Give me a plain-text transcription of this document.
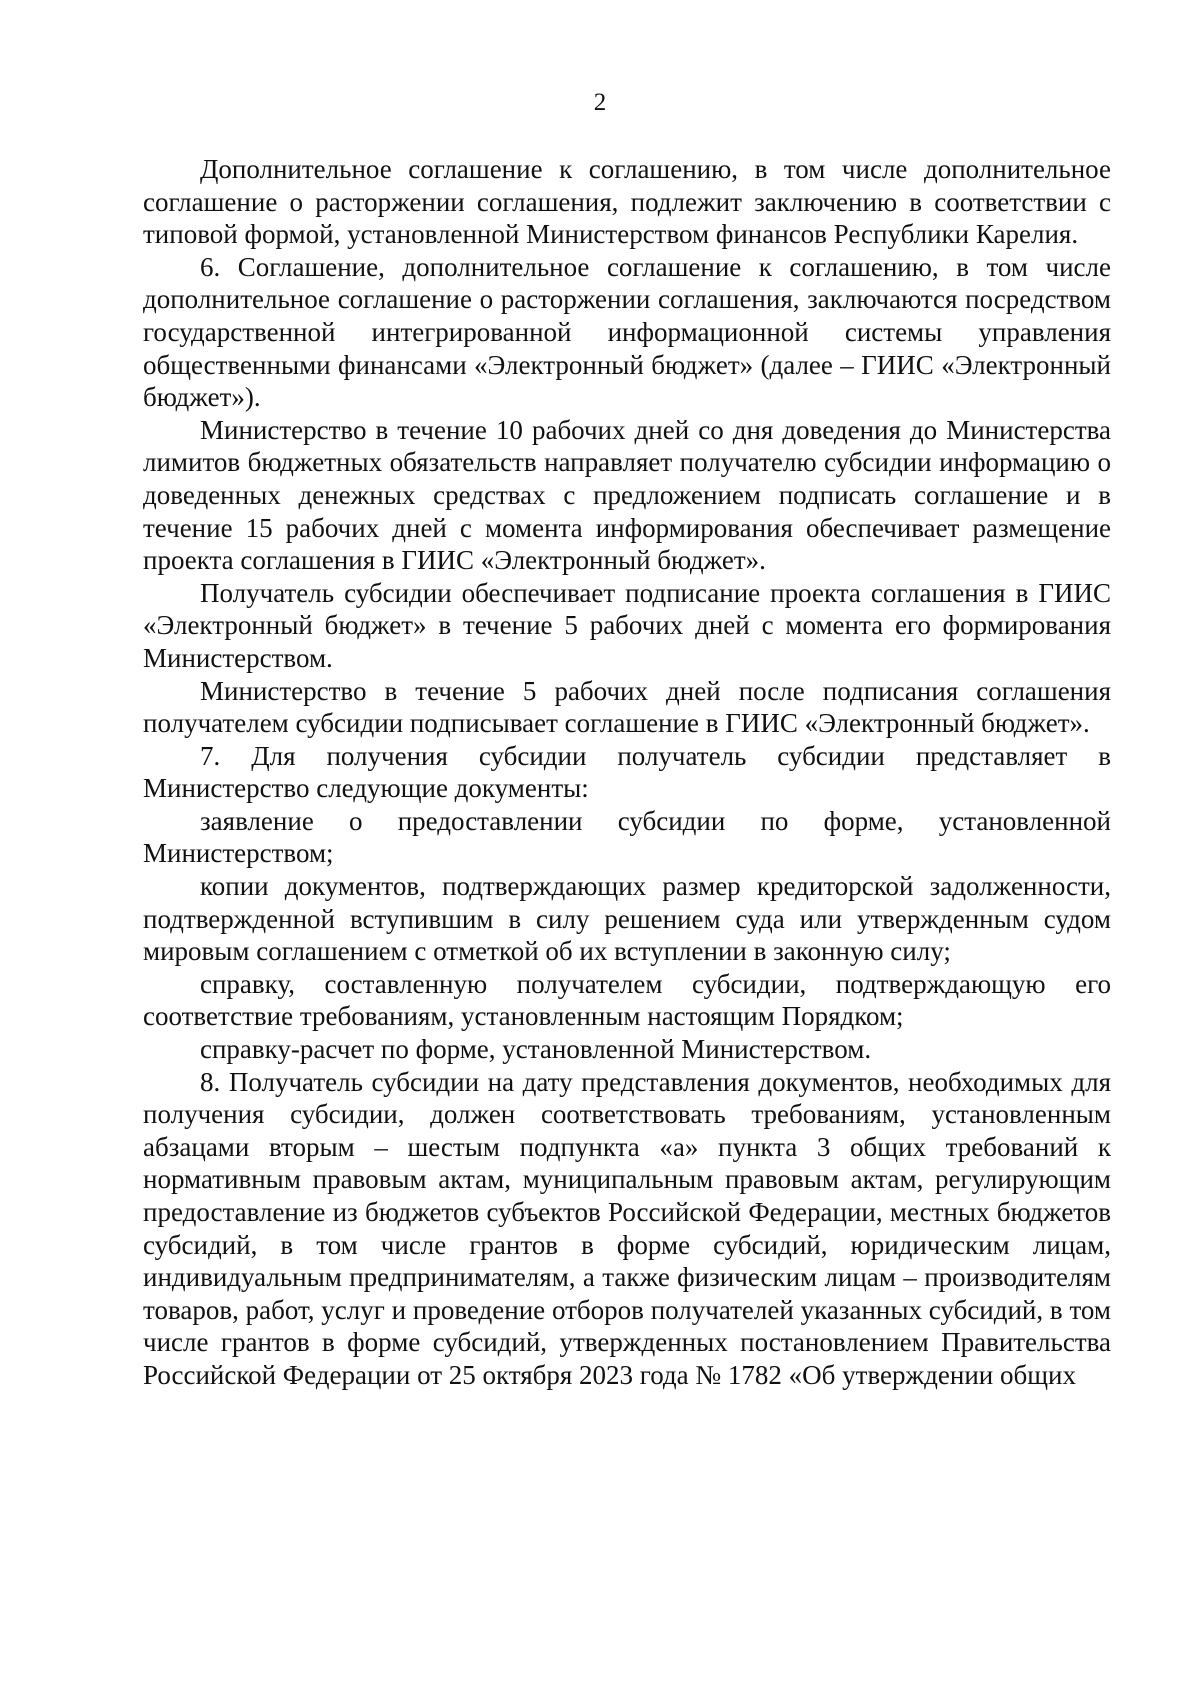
2

Дополнительное соглашение к соглашению, в том числе дополнительное соглашение о расторжении соглашения, подлежит заключению в соответствии с типовой формой, установленной Министерством финансов Республики Карелия.

6. Соглашение, дополнительное соглашение к соглашению, в том числе дополнительное соглашение о расторжении соглашения, заключаются посредством государственной интегрированной информационной системы управления общественными финансами «Электронный бюджет» (далее – ГИИС «Электронный бюджет»).

Министерство в течение 10 рабочих дней со дня доведения до Министерства лимитов бюджетных обязательств направляет получателю субсидии информацию о доведенных денежных средствах с предложением подписать соглашение и в течение 15 рабочих дней с момента информирования обеспечивает размещение проекта соглашения в ГИИС «Электронный бюджет».

Получатель субсидии обеспечивает подписание проекта соглашения в ГИИС «Электронный бюджет» в течение 5 рабочих дней с момента его формирования Министерством.

Министерство в течение 5 рабочих дней после подписания соглашения получателем субсидии подписывает соглашение в ГИИС «Электронный бюджет».

7. Для получения субсидии получатель субсидии представляет в Министерство следующие документы:

заявление о предоставлении субсидии по форме, установленной Министерством;

копии документов, подтверждающих размер кредиторской задолженности, подтвержденной вступившим в силу решением суда или утвержденным судом мировым соглашением с отметкой об их вступлении в законную силу;

справку, составленную получателем субсидии, подтверждающую его соответствие требованиям, установленным настоящим Порядком;

справку-расчет по форме, установленной Министерством.

8. Получатель субсидии на дату представления документов, необходимых для получения субсидии, должен соответствовать требованиям, установленным абзацами вторым – шестым подпункта «а» пункта 3 общих требований к нормативным правовым актам, муниципальным правовым актам, регулирующим предоставление из бюджетов субъектов Российской Федерации, местных бюджетов субсидий, в том числе грантов в форме субсидий, юридическим лицам, индивидуальным предпринимателям, а также физическим лицам – производителям товаров, работ, услуг и проведение отборов получателей указанных субсидий, в том числе грантов в форме субсидий, утвержденных постановлением Правительства Российской Федерации от 25 октября 2023 года № 1782 «Об утверждении общих
